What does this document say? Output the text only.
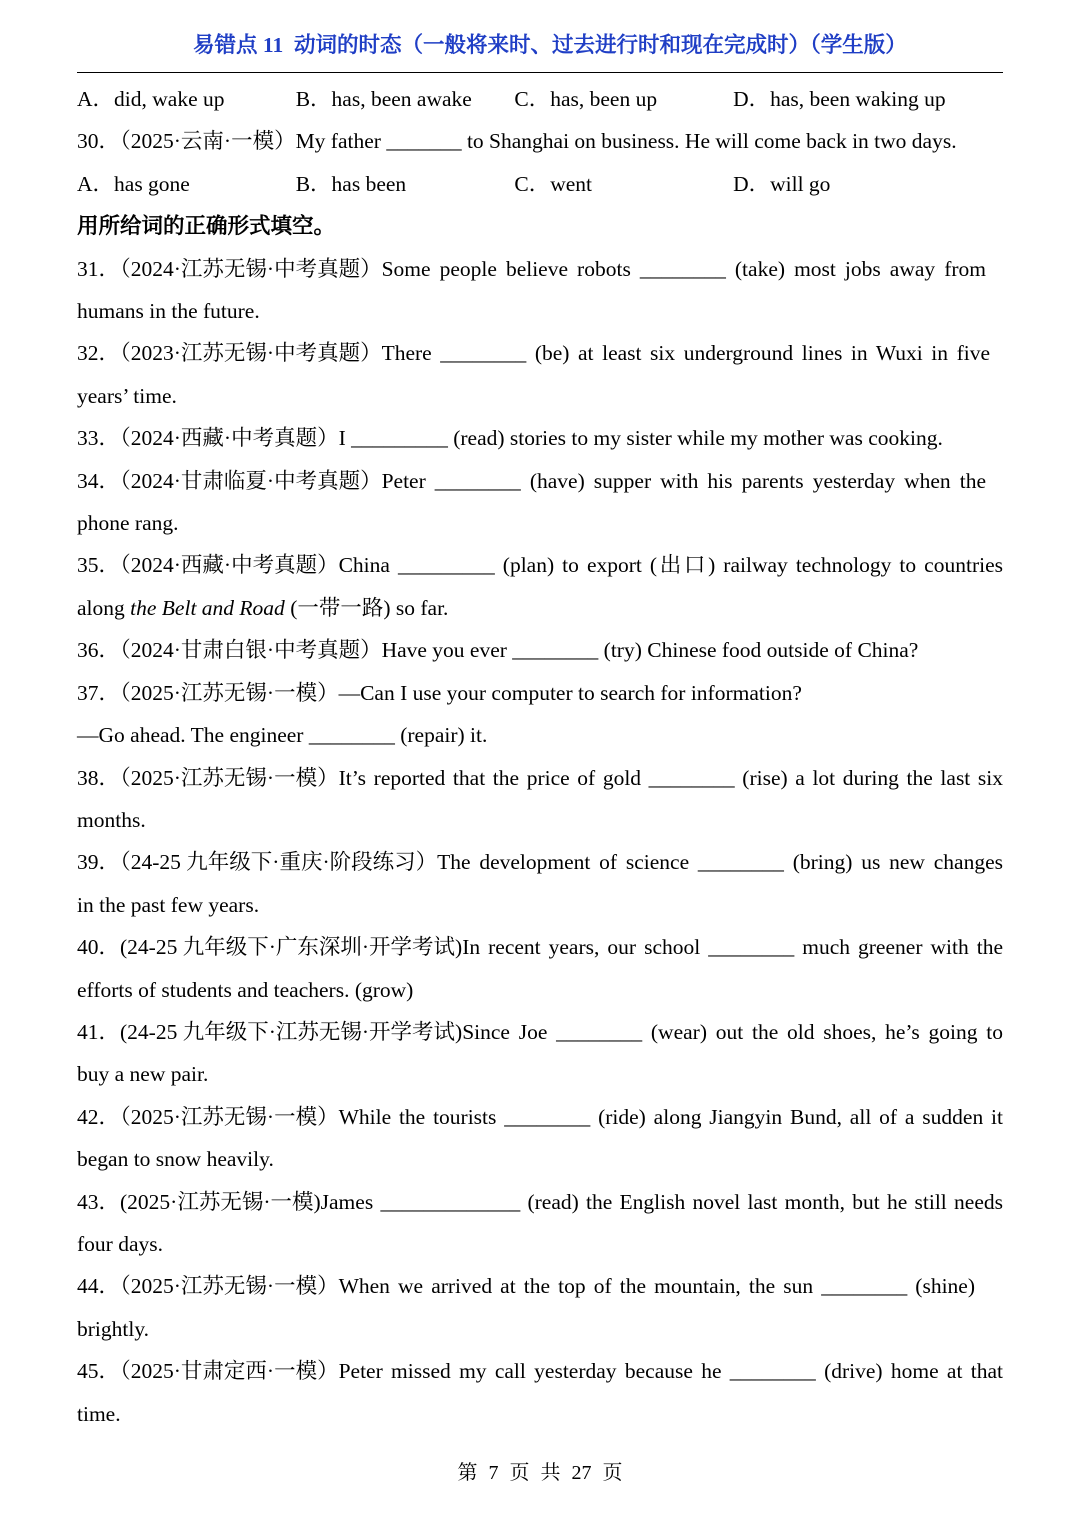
易错点 11  动词的时态（一般将来时、过去进行时和现在完成时）（学生版）
A．did, wake up	B．has, been awake	C．has, been up	D．has, been waking up
30．（2025·云南·一模）My father _______ to Shanghai on business. He will come back in two days.
A．has gone	B．has been	C．went	D．will go
用所给词的正确形式填空。
31．（2024·江苏无锡·中考真题）Some people believe robots ________ (take) most jobs away from
humans in the future.
32．（2023·江苏无锡·中考真题）There ________ (be) at least six underground lines in Wuxi in five
years’ time.
33．（2024·西藏·中考真题）I _________ (read) stories to my sister while my mother was cooking.
34．（2024·甘肃临夏·中考真题）Peter ________ (have) supper with his parents yesterday when the
phone rang.
35．（2024·西藏·中考真题）China _________ (plan) to export (出口) railway technology to countries
along the Belt and Road (一带一路) so far.
36．（2024·甘肃白银·中考真题）Have you ever ________ (try) Chinese food outside of China?
37．（2025·江苏无锡·一模）—Can I use your computer to search for information?
—Go ahead. The engineer ________ (repair) it.
38．（2025·江苏无锡·一模）It’s reported that the price of gold ________ (rise) a lot during the last six
months.
39．（24-25 九年级下·重庆·阶段练习）The development of science ________ (bring) us new changes
in the past few years.
40．(24-25 九年级下·广东深圳·开学考试)In recent years, our school ________ much greener with the
efforts of students and teachers. (grow)
41．(24-25 九年级下·江苏无锡·开学考试)Since Joe ________ (wear) out the old shoes, he’s going to
buy a new pair.
42．（2025·江苏无锡·一模）While the tourists ________ (ride) along Jiangyin Bund, all of a sudden it
began to snow heavily.
43．(2025·江苏无锡·一模)James _____________ (read) the English novel last month, but he still needs
four days.
44．（2025·江苏无锡·一模）When we arrived at the top of the mountain, the sun ________ (shine)
brightly.
45．（2025·甘肃定西·一模）Peter missed my call yesterday because he ________ (drive) home at that
time.
第 7 页 共 27 页
